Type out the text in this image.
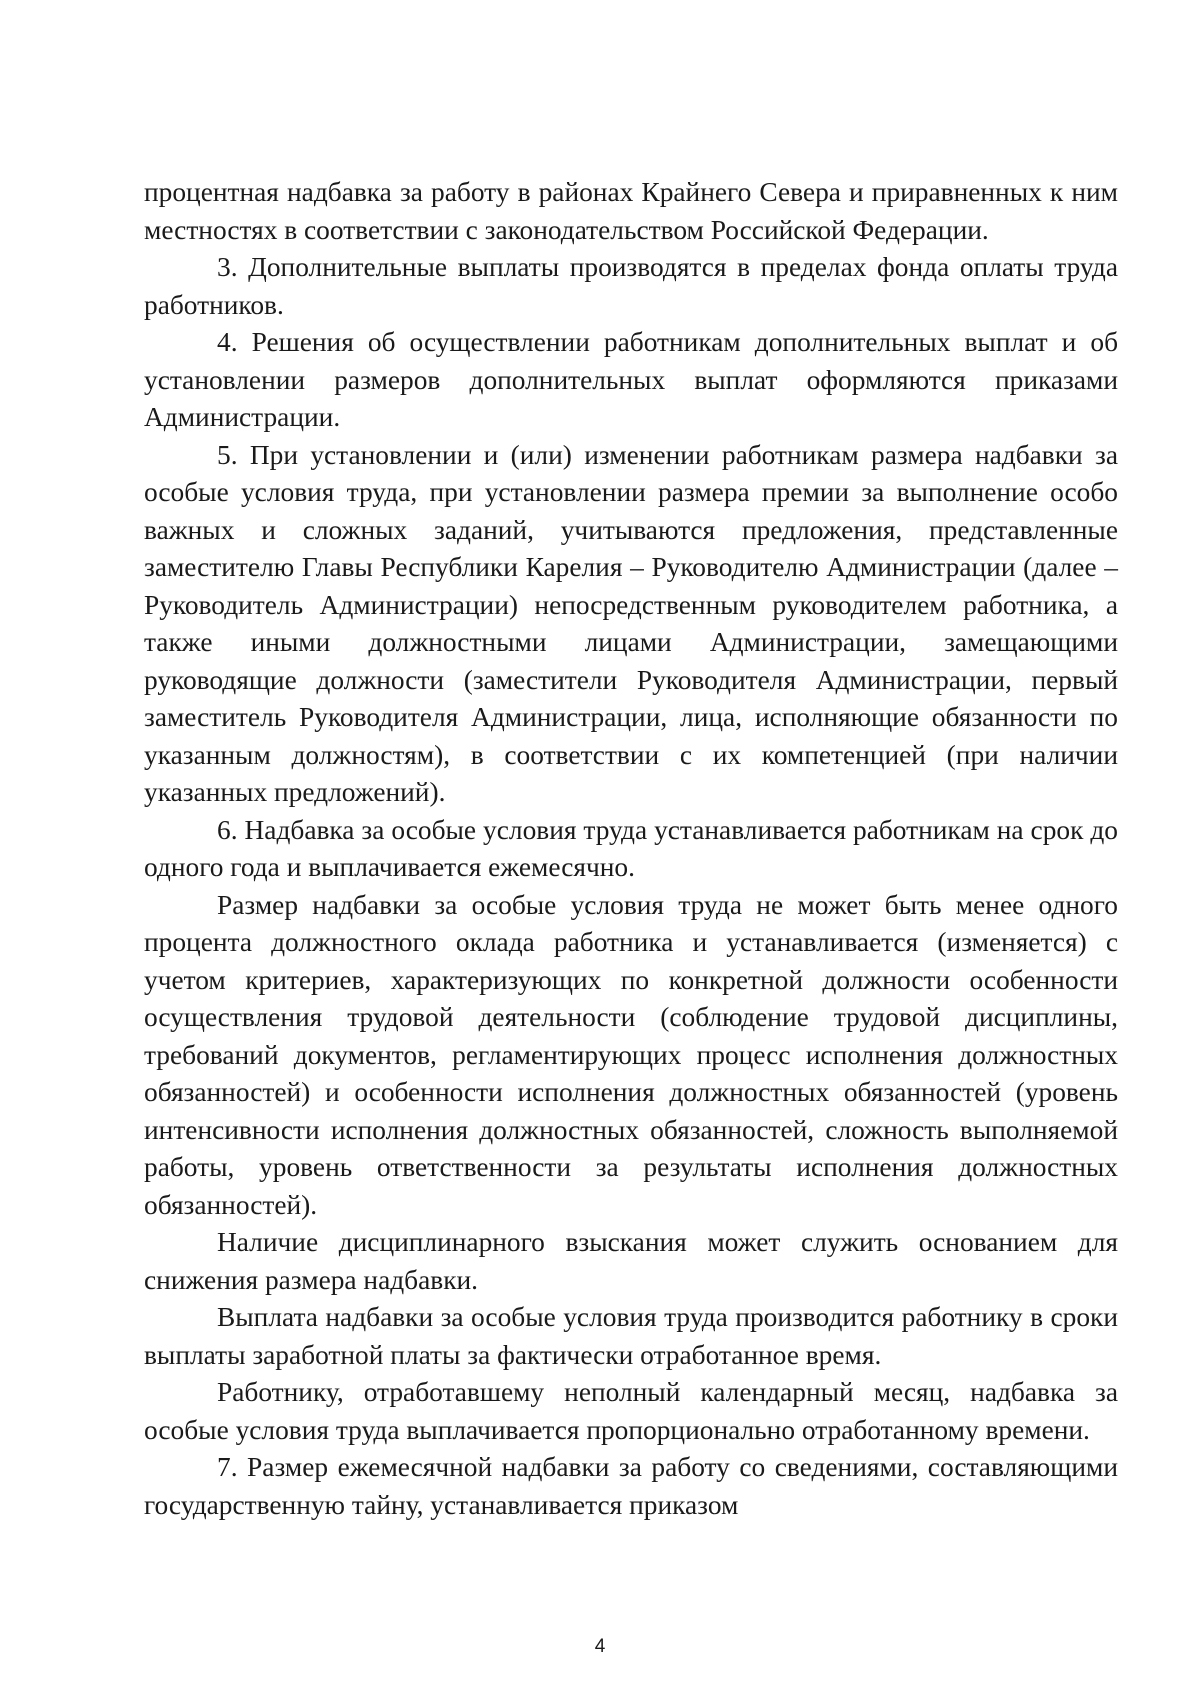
процентная надбавка за работу в районах Крайнего Севера и приравненных к ним местностях в соответствии с законодательством Российской Федерации.

3. Дополнительные выплаты производятся в пределах фонда оплаты труда работников.

4. Решения об осуществлении работникам дополнительных выплат и об установлении размеров дополнительных выплат оформляются приказами Администрации.

5. При установлении и (или) изменении работникам размера надбавки за особые условия труда, при установлении размера премии за выполнение особо важных и сложных заданий, учитываются предложения, представленные заместителю Главы Республики Карелия – Руководителю Администрации (далее – Руководитель Администрации) непосредственным руководителем работника, а также иными должностными лицами Администрации, замещающими руководящие должности (заместители Руководителя Администрации, первый заместитель Руководителя Администрации, лица, исполняющие обязанности по указанным должностям), в соответствии с их компетенцией (при наличии указанных предложений).

6. Надбавка за особые условия труда устанавливается работникам на срок до одного года и выплачивается ежемесячно.

Размер надбавки за особые условия труда не может быть менее одного процента должностного оклада работника и устанавливается (изменяется) с учетом критериев, характеризующих по конкретной должности особенности осуществления трудовой деятельности (соблюдение трудовой дисциплины, требований документов, регламентирующих процесс исполнения должностных обязанностей) и особенности исполнения должностных обязанностей (уровень интенсивности исполнения должностных обязанностей, сложность выполняемой работы, уровень ответственности за результаты исполнения должностных обязанностей).

Наличие дисциплинарного взыскания может служить основанием для снижения размера надбавки.

Выплата надбавки за особые условия труда производится работнику в сроки выплаты заработной платы за фактически отработанное время.

Работнику, отработавшему неполный календарный месяц, надбавка за особые условия труда выплачивается пропорционально отработанному времени.

7. Размер ежемесячной надбавки за работу со сведениями, составляющими государственную тайну, устанавливается приказом

4
